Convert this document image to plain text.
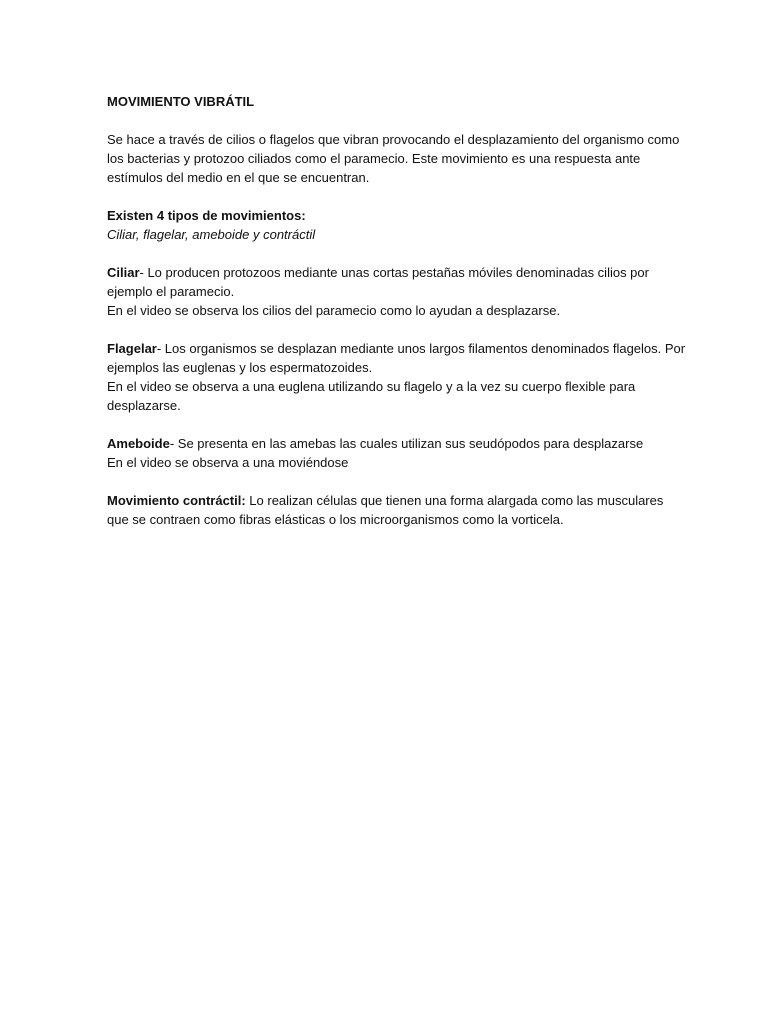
MOVIMIENTO VIBRÁTIL

Se hace a través de cilios o flagelos que vibran provocando el desplazamiento del organismo como los bacterias y protozoo ciliados como el paramecio. Este movimiento es una respuesta ante estímulos del medio en el que se encuentran.

Existen 4 tipos de movimientos:

Ciliar, flagelar, ameboide y contráctil

Ciliar- Lo producen protozoos mediante unas cortas pestañas móviles denominadas cilios por ejemplo el paramecio.

En el video se observa los cilios del paramecio como lo ayudan a desplazarse.

Flagelar- Los organismos se desplazan mediante unos largos filamentos denominados flagelos. Por ejemplos las euglenas y los espermatozoides.

En el video se observa a una euglena utilizando su flagelo y a la vez su cuerpo flexible para desplazarse.

Ameboide- Se presenta en las amebas las cuales utilizan sus seudópodos para desplazarse

En el video se observa a una moviéndose

Movimiento contráctil: Lo realizan células que tienen una forma alargada como las musculares que se contraen como fibras elásticas o los microorganismos como la vorticela.
